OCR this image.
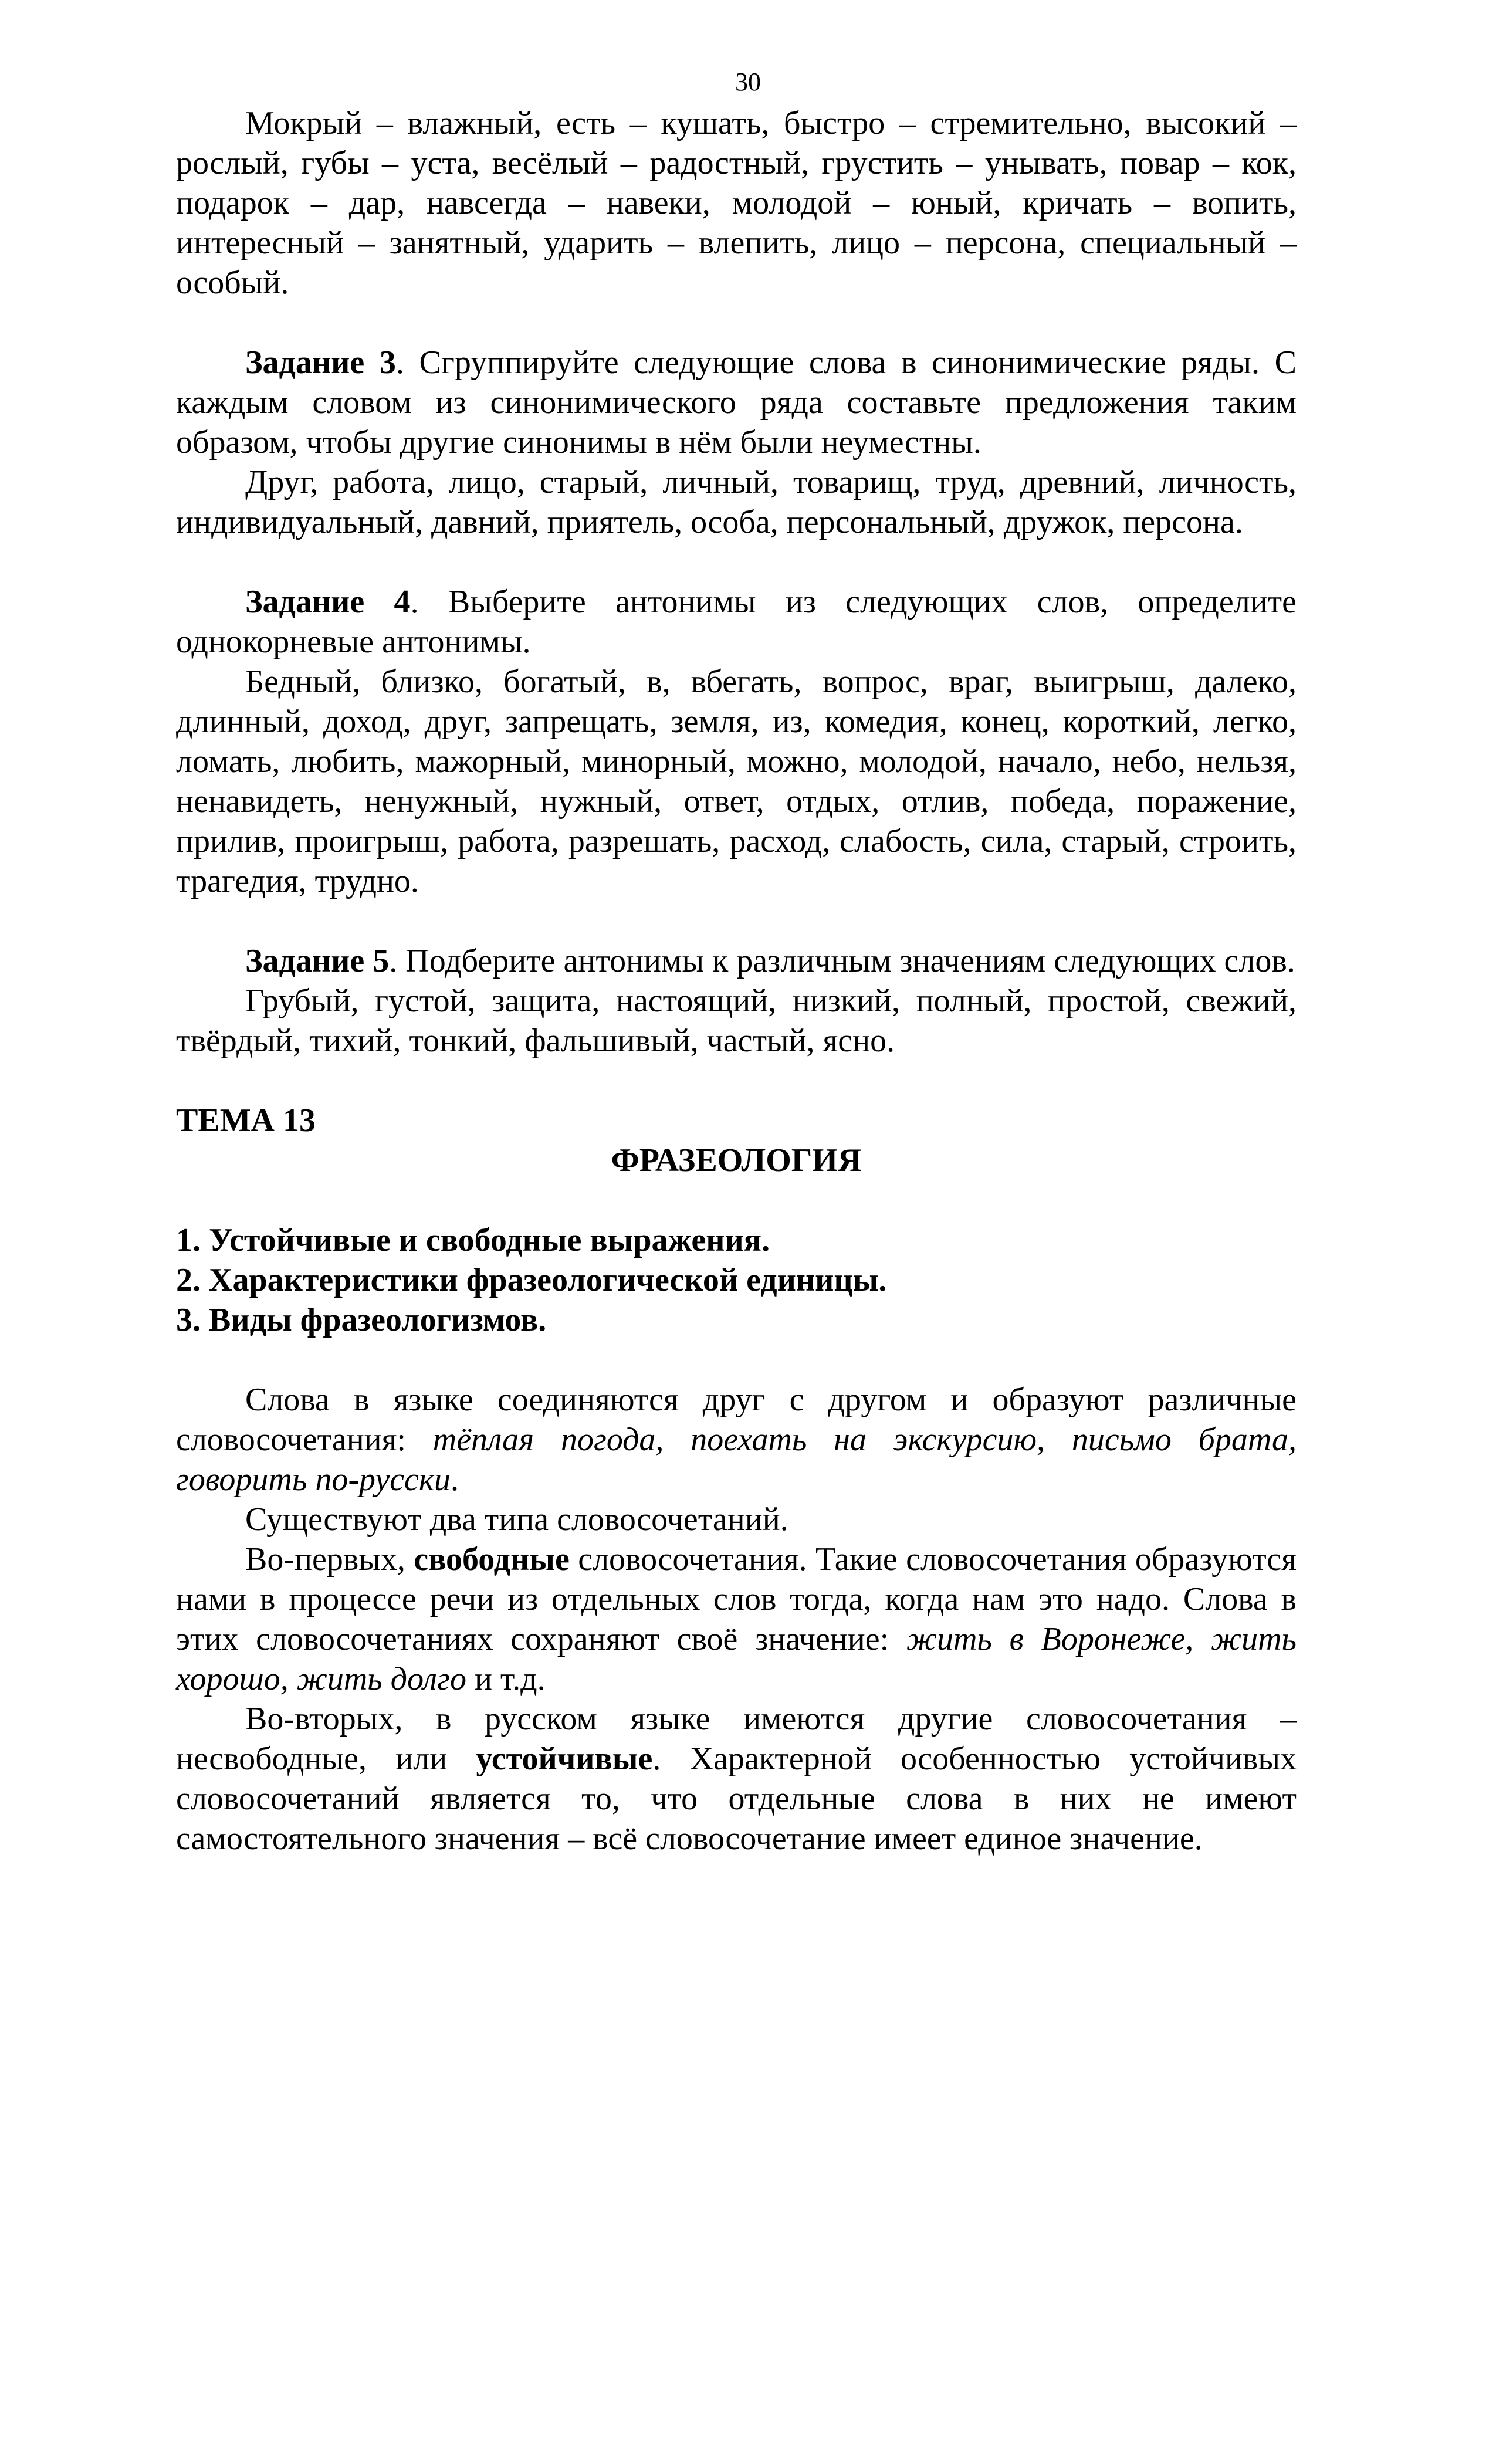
30

Мокрый – влажный, есть – кушать, быстро – стремительно, высокий – рослый, губы – уста, весёлый – радостный, грустить – унывать, повар – кок, подарок – дар, навсегда – навеки, молодой – юный, кричать – вопить, интересный – занятный, ударить – влепить, лицо – персона, специальный – особый.

Задание 3. Сгруппируйте следующие слова в синонимические ряды. С каждым словом из синонимического ряда составьте предложения таким образом, чтобы другие синонимы в нём были неуместны.

Друг, работа, лицо, старый, личный, товарищ, труд, древний, личность, индивидуальный, давний, приятель, особа, персональный, дружок, персона.

Задание 4. Выберите антонимы из следующих слов, определите однокорневые антонимы.

Бедный, близко, богатый, в, вбегать, вопрос, враг, выигрыш, далеко, длинный, доход, друг, запрещать, земля, из, комедия, конец, короткий, легко, ломать, любить, мажорный, минорный, можно, молодой, начало, небо, нельзя, ненавидеть, ненужный, нужный, ответ, отдых, отлив, победа, поражение, прилив, проигрыш, работа, разрешать, расход, слабость, сила, старый, строить, трагедия, трудно.

Задание 5. Подберите антонимы к различным значениям следующих слов.

Грубый, густой, защита, настоящий, низкий, полный, простой, свежий, твёрдый, тихий, тонкий, фальшивый, частый, ясно.

ТЕМА 13
ФРАЗЕОЛОГИЯ
1. Устойчивые и свободные выражения.
2. Характеристики фразеологической единицы.
3. Виды фразеологизмов.

Слова в языке соединяются друг с другом и образуют различные словосочетания: тёплая погода, поехать на экскурсию, письмо брата, говорить по-русски.

Существуют два типа словосочетаний.

Во-первых, свободные словосочетания. Такие словосочетания образуются нами в процессе речи из отдельных слов тогда, когда нам это надо. Слова в этих словосочетаниях сохраняют своё значение: жить в Воронеже, жить хорошо, жить долго и т.д.

Во-вторых, в русском языке имеются другие словосочетания – несвободные, или устойчивые. Характерной особенностью устойчивых словосочетаний является то, что отдельные слова в них не имеют самостоятельного значения – всё словосочетание имеет единое значение.
